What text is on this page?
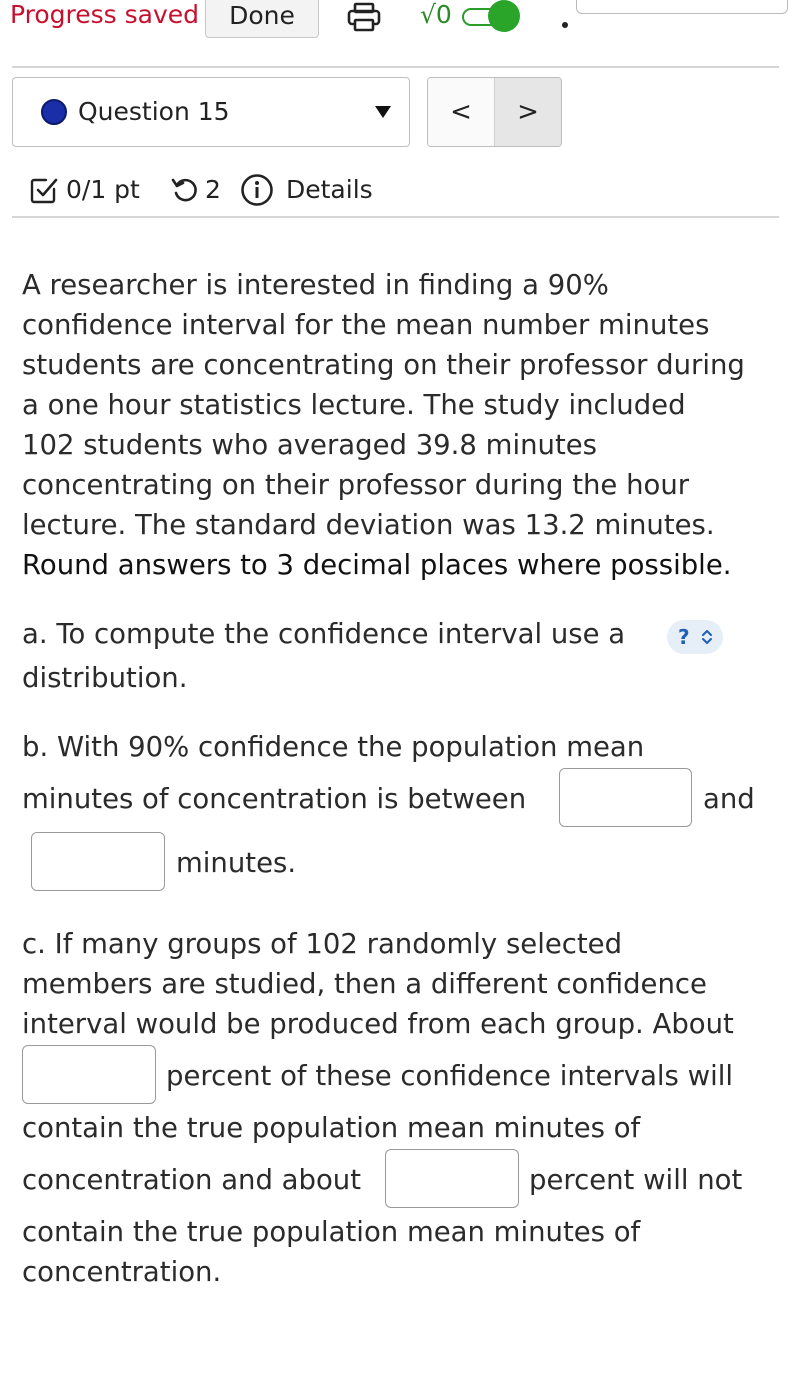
Progress saved	Done	√0
Question 15	<	>
0/1 pt	2	Details
A researcher is interested in finding a 90%
confidence interval for the mean number minutes
students are concentrating on their professor during
a one hour statistics lecture. The study included
102 students who averaged 39.8 minutes
concentrating on their professor during the hour
lecture. The standard deviation was 13.2 minutes.
Round answers to 3 decimal places where possible.
a. To compute the confidence interval use a	?
distribution.
b. With 90% confidence the population mean
minutes of concentration is between	and
minutes.
c. If many groups of 102 randomly selected
members are studied, then a different confidence
interval would be produced from each group. About
percent of these confidence intervals will
contain the true population mean minutes of
concentration and about	percent will not
contain the true population mean minutes of
concentration.
